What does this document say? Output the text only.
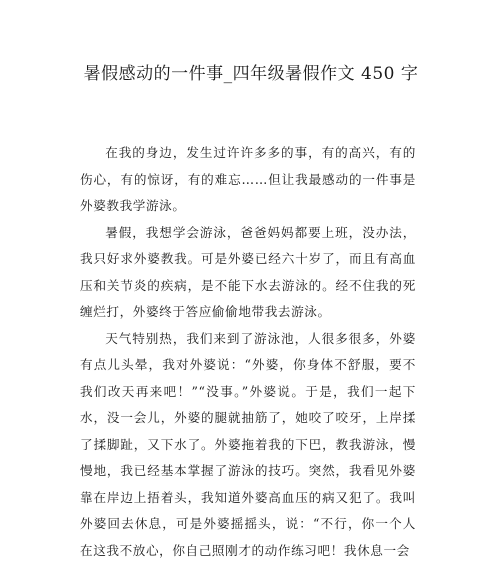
暑假感动的一件事_四年级暑假作文 450 字

在我的身边，发生过许许多多的事，有的高兴，有的伤心，有的惊讶，有的难忘……但让我最感动的一件事是外婆教我学游泳。

暑假，我想学会游泳，爸爸妈妈都要上班，没办法，我只好求外婆教我。可是外婆已经六十岁了，而且有高血压和关节炎的疾病，是不能下水去游泳的。经不住我的死缠烂打，外婆终于答应偷偷地带我去游泳。

天气特别热，我们来到了游泳池，人很多很多，外婆有点儿头晕，我对外婆说：“外婆，你身体不舒服，要不我们改天再来吧！”“没事。”外婆说。于是，我们一起下水，没一会儿，外婆的腿就抽筋了，她咬了咬牙，上岸揉了揉脚趾，又下水了。外婆拖着我的下巴，教我游泳，慢慢地，我已经基本掌握了游泳的技巧。突然，我看见外婆靠在岸边上捂着头，我知道外婆高血压的病又犯了。我叫外婆回去休息，可是外婆摇摇头，说：“不行，你一个人在这我不放心，你自己照刚才的动作练习吧！我休息一会
